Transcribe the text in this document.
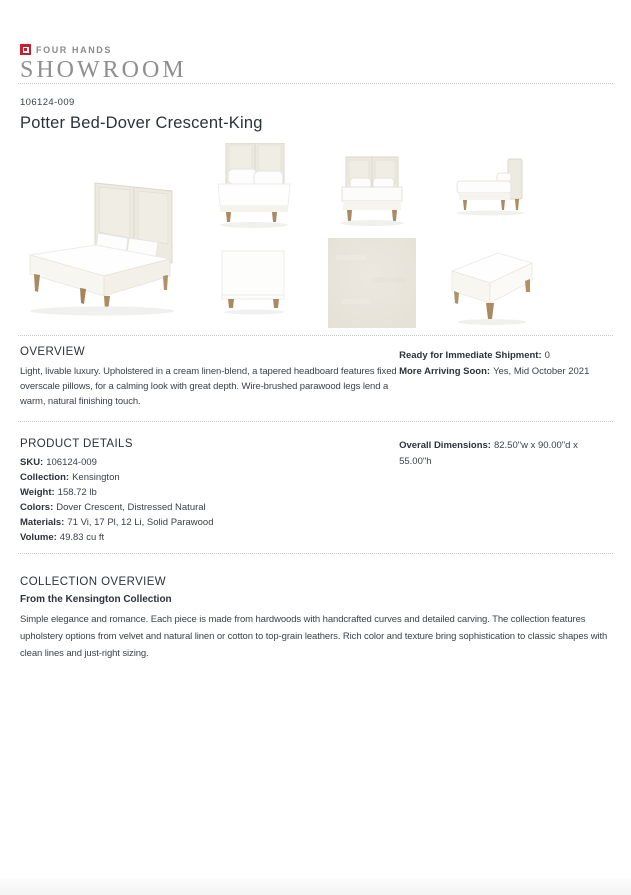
FOUR HANDS
SHOWROOM
106124-009
Potter Bed-Dover Crescent-King
OVERVIEW
Light, livable luxury. Upholstered in a cream linen-blend, a tapered headboard features fixed overscale pillows, for a calming look with great depth. Wire-brushed parawood legs lend a warm, natural finishing touch.
Ready for Immediate Shipment: 0
More Arriving Soon: Yes, Mid October 2021
PRODUCT DETAILS
SKU: 106124-009
Collection: Kensington
Weight: 158.72 lb
Colors: Dover Crescent, Distressed Natural
Materials: 71 Vi, 17 Pl, 12 Li, Solid Parawood
Volume: 49.83 cu ft
Overall Dimensions: 82.50"w x 90.00"d x 55.00"h
COLLECTION OVERVIEW
From the Kensington Collection
Simple elegance and romance. Each piece is made from hardwoods with handcrafted curves and detailed carving. The collection features upholstery options from velvet and natural linen or cotton to top-grain leathers. Rich color and texture bring sophistication to classic shapes with clean lines and just-right sizing.
